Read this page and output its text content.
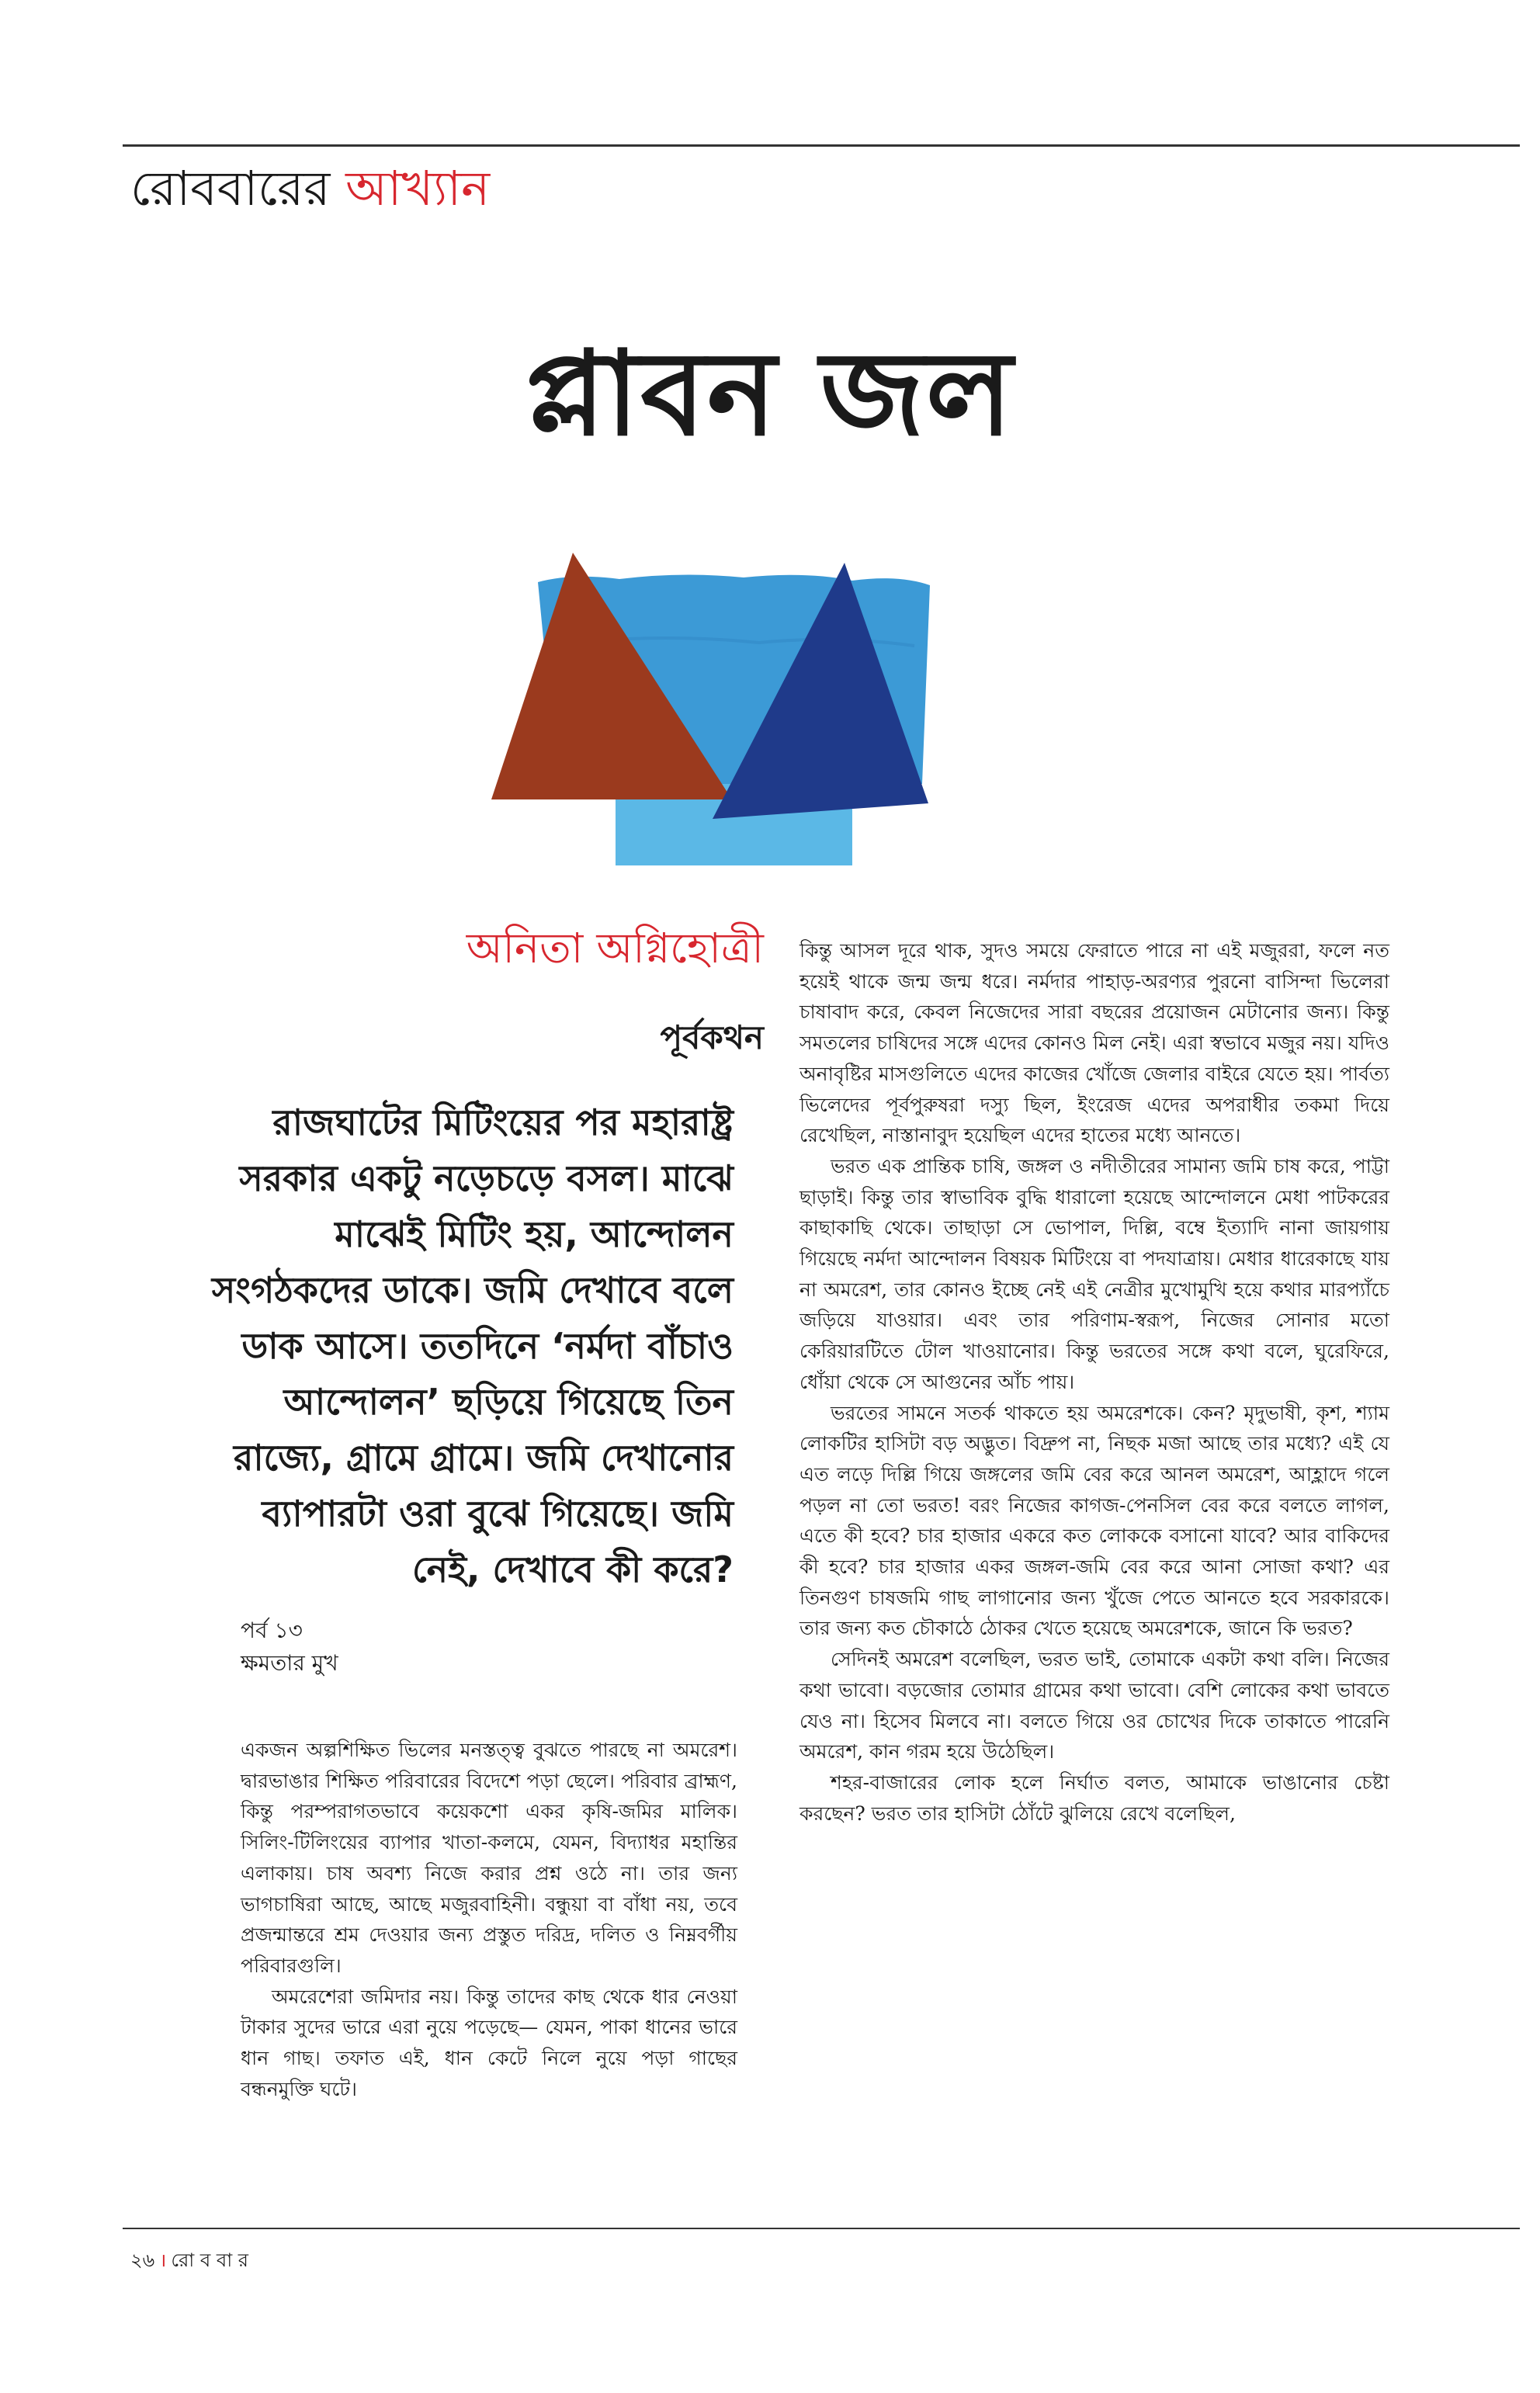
রোববারের আখ্যান
প্লাবন জল
অনিতা অগ্নিহোত্রী
পূর্বকথন

রাজঘাটের মিটিংয়ের পর মহারাষ্ট্র

সরকার একটু নড়েচড়ে বসল। মাঝে

মাঝেই মিটিং হয়, আন্দোলন

সংগঠকদের ডাকে। জমি দেখাবে বলে

ডাক আসে। ততদিনে ‘নর্মদা বাঁচাও

আন্দোলন’ ছড়িয়ে গিয়েছে তিন

রাজ্যে, গ্রামে গ্রামে। জমি দেখানোর

ব্যাপারটা ওরা বুঝে গিয়েছে। জমি

নেই, দেখাবে কী করে?

পর্ব ১৩
ক্ষমতার মুখ

একজন অল্পশিক্ষিত ভিলের মনস্তত্ত্ব বুঝতে পারছে না অমরেশ। দ্বারভাঙার শিক্ষিত পরিবারের বিদেশে পড়া ছেলে। পরিবার ব্রাহ্মণ, কিন্তু পরম্পরাগতভাবে কয়েকশো একর কৃষি-জমির মালিক। সিলিং-টিলিংয়ের ব্যাপার খাতা-কলমে, যেমন, বিদ্যাধর মহান্তির এলাকায়। চাষ অবশ্য নিজে করার প্রশ্ন ওঠে না। তার জন্য ভাগচাষিরা আছে, আছে মজুরবাহিনী। বন্ধুয়া বা বাঁধা নয়, তবে প্রজন্মান্তরে শ্রম দেওয়ার জন্য প্রস্তুত দরিদ্র, দলিত ও নিম্নবর্গীয় পরিবারগুলি।

অমরেশেরা জমিদার নয়। কিন্তু তাদের কাছ থেকে ধার নেওয়া টাকার সুদের ভারে এরা নুয়ে পড়েছে— যেমন, পাকা ধানের ভারে ধান গাছ। তফাত এই, ধান কেটে নিলে নুয়ে পড়া গাছের বন্ধনমুক্তি ঘটে।

কিন্তু আসল দূরে থাক, সুদও সময়ে ফেরাতে পারে না এই মজুররা, ফলে নত হয়েই থাকে জন্ম জন্ম ধরে। নর্মদার পাহাড়-অরণ্যর পুরনো বাসিন্দা ভিলেরা চাষাবাদ করে, কেবল নিজেদের সারা বছরের প্রয়োজন মেটানোর জন্য। কিন্তু সমতলের চাষিদের সঙ্গে এদের কোনও মিল নেই। এরা স্বভাবে মজুর নয়। যদিও অনাবৃষ্টির মাসগুলিতে এদের কাজের খোঁজে জেলার বাইরে যেতে হয়। পার্বত্য ভিলেদের পূর্বপুরুষরা দস্যু ছিল, ইংরেজ এদের অপরাধীর তকমা দিয়ে রেখেছিল, নাস্তানাবুদ হয়েছিল এদের হাতের মধ্যে আনতে।

ভরত এক প্রান্তিক চাষি, জঙ্গল ও নদীতীরের সামান্য জমি চাষ করে, পাট্টা ছাড়াই। কিন্তু তার স্বাভাবিক বুদ্ধি ধারালো হয়েছে আন্দোলনে মেধা পাটকরের কাছাকাছি থেকে। তাছাড়া সে ভোপাল, দিল্লি, বম্বে ইত্যাদি নানা জায়গায় গিয়েছে নর্মদা আন্দোলন বিষয়ক মিটিংয়ে বা পদযাত্রায়। মেধার ধারেকাছে যায় না অমরেশ, তার কোনও ইচ্ছে নেই এই নেত্রীর মুখোমুখি হয়ে কথার মারপ্যাঁচে জড়িয়ে যাওয়ার। এবং তার পরিণাম-স্বরূপ, নিজের সোনার মতো কেরিয়ারটিতে টোল খাওয়ানোর। কিন্তু ভরতের সঙ্গে কথা বলে, ঘুরেফিরে, ধোঁয়া থেকে সে আগুনের আঁচ পায়।

ভরতের সামনে সতর্ক থাকতে হয় অমরেশকে। কেন? মৃদুভাষী, কৃশ, শ্যাম লোকটির হাসিটা বড় অদ্ভুত। বিদ্রুপ না, নিছক মজা আছে তার মধ্যে? এই যে এত লড়ে দিল্লি গিয়ে জঙ্গলের জমি বের করে আনল অমরেশ, আহ্লাদে গলে পড়ল না তো ভরত! বরং নিজের কাগজ-পেনসিল বের করে বলতে লাগল, এতে কী হবে? চার হাজার একরে কত লোককে বসানো যাবে? আর বাকিদের কী হবে? চার হাজার একর জঙ্গল-জমি বের করে আনা সোজা কথা? এর তিনগুণ চাষজমি গাছ লাগানোর জন্য খুঁজে পেতে আনতে হবে সরকারকে। তার জন্য কত চৌকাঠে ঠোকর খেতে হয়েছে অমরেশকে, জানে কি ভরত?

সেদিনই অমরেশ বলেছিল, ভরত ভাই, তোমাকে একটা কথা বলি। নিজের কথা ভাবো। বড়জোর তোমার গ্রামের কথা ভাবো। বেশি লোকের কথা ভাবতে যেও না। হিসেব মিলবে না। বলতে গিয়ে ওর চোখের দিকে তাকাতে পারেনি অমরেশ, কান গরম হয়ে উঠেছিল।

শহর-বাজারের লোক হলে নির্ঘাত বলত, আমাকে ভাঙানোর চেষ্টা করছেন? ভরত তার হাসিটা ঠোঁটে ঝুলিয়ে রেখে বলেছিল,

২৬ । রো ব বা র
